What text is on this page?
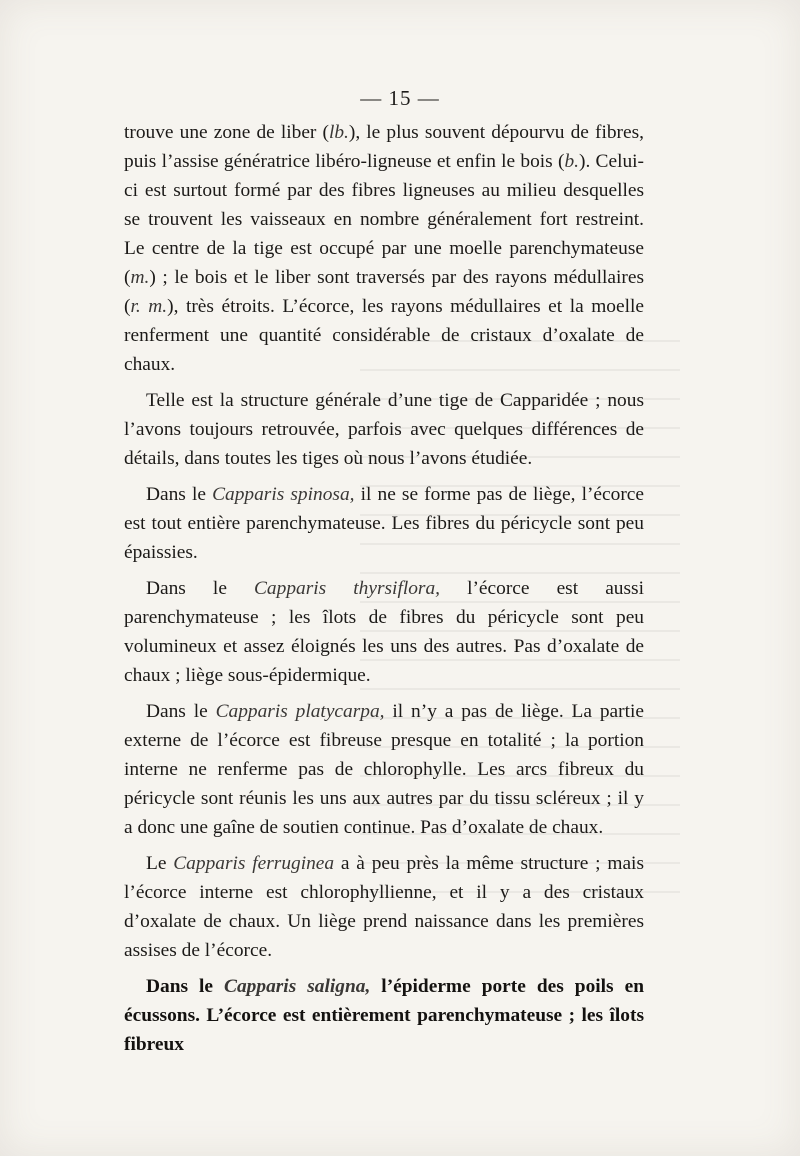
— 15 —

trouve une zone de liber (lb.), le plus souvent dépourvu de fibres, puis l’assise génératrice libéro-ligneuse et enfin le bois (b.). Celui-ci est surtout formé par des fibres ligneuses au milieu desquelles se trouvent les vaisseaux en nombre généralement fort restreint. Le centre de la tige est occupé par une moelle parenchymateuse (m.) ; le bois et le liber sont traversés par des rayons médullaires (r. m.), très étroits. L’écorce, les rayons médullaires et la moelle renferment une quantité considérable de cristaux d’oxalate de chaux.

Telle est la structure générale d’une tige de Capparidée ; nous l’avons toujours retrouvée, parfois avec quelques différences de détails, dans toutes les tiges où nous l’avons étudiée.

Dans le Capparis spinosa, il ne se forme pas de liège, l’écorce est tout entière parenchymateuse. Les fibres du péricycle sont peu épaissies.

Dans le Capparis thyrsiflora, l’écorce est aussi parenchymateuse ; les îlots de fibres du péricycle sont peu volumineux et assez éloignés les uns des autres. Pas d’oxalate de chaux ; liège sous-épidermique.

Dans le Capparis platycarpa, il n’y a pas de liège. La partie externe de l’écorce est fibreuse presque en totalité ; la portion interne ne renferme pas de chlorophylle. Les arcs fibreux du péricycle sont réunis les uns aux autres par du tissu scléreux ; il y a donc une gaîne de soutien continue. Pas d’oxalate de chaux.

Le Capparis ferruginea a à peu près la même structure ; mais l’écorce interne est chlorophyllienne, et il y a des cristaux d’oxalate de chaux. Un liège prend naissance dans les premières assises de l’écorce.

Dans le Capparis saligna, l’épiderme porte des poils en écussons. L’écorce est entièrement parenchymateuse ; les îlots fibreux
